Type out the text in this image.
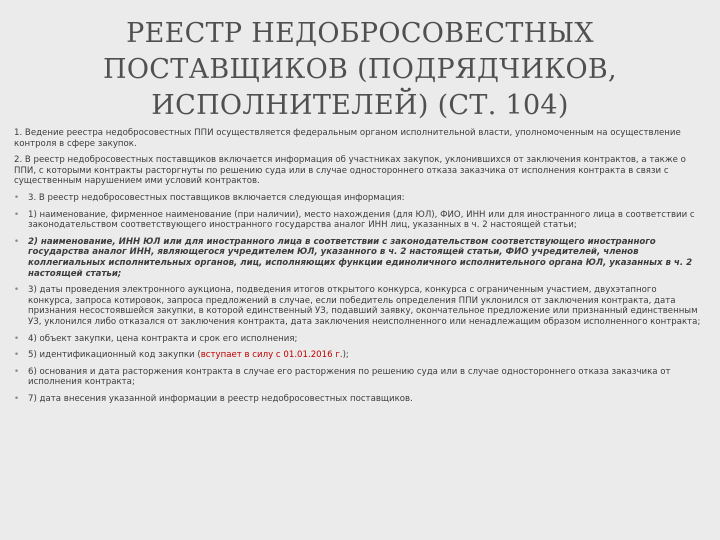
РЕЕСТР НЕДОБРОСОВЕСТНЫХ
ПОСТАВЩИКОВ (ПОДРЯДЧИКОВ,
ИСПОЛНИТЕЛЕЙ) (СТ. 104)

1. Ведение реестра недобросовестных ППИ осуществляется федеральным органом исполнительной власти, уполномоченным на осуществление контроля в сфере закупок.

2. В реестр недобросовестных поставщиков включается информация об участниках закупок, уклонившихся от заключения контрактов, а также о ППИ, с которыми контракты расторгнуты по решению суда или в случае одностороннего отказа заказчика от исполнения контракта в связи с существенным нарушением ими условий контрактов.

• 3. В реестр недобросовестных поставщиков включается следующая информация:
• 1) наименование, фирменное наименование (при наличии), место нахождения (для ЮЛ), ФИО, ИНН или для иностранного лица в соответствии с законодательством соответствующего иностранного государства аналог ИНН лиц, указанных в ч. 2 настоящей статьи;
• 2) наименование, ИНН ЮЛ или для иностранного лица в соответствии с законодательством соответствующего иностранного государства аналог ИНН, являющегося учредителем ЮЛ, указанного в ч. 2 настоящей статьи, ФИО учредителей, членов коллегиальных исполнительных органов, лиц, исполняющих функции единоличного исполнительного органа ЮЛ, указанных в ч. 2 настоящей статьи;
• 3) даты проведения электронного аукциона, подведения итогов открытого конкурса, конкурса с ограниченным участием, двухэтапного конкурса, запроса котировок, запроса предложений в случае, если победитель определения ППИ уклонился от заключения контракта, дата признания несостоявшейся закупки, в которой единственный УЗ, подавший заявку, окончательное предложение или признанный единственным УЗ, уклонился либо отказался от заключения контракта, дата заключения неисполненного или ненадлежащим образом исполненного контракта;
• 4) объект закупки, цена контракта и срок его исполнения;
• 5) идентификационный код закупки (вступает в силу с 01.01.2016 г.);
• 6) основания и дата расторжения контракта в случае его расторжения по решению суда или в случае одностороннего отказа заказчика от исполнения контракта;
• 7) дата внесения указанной информации в реестр недобросовестных поставщиков.
